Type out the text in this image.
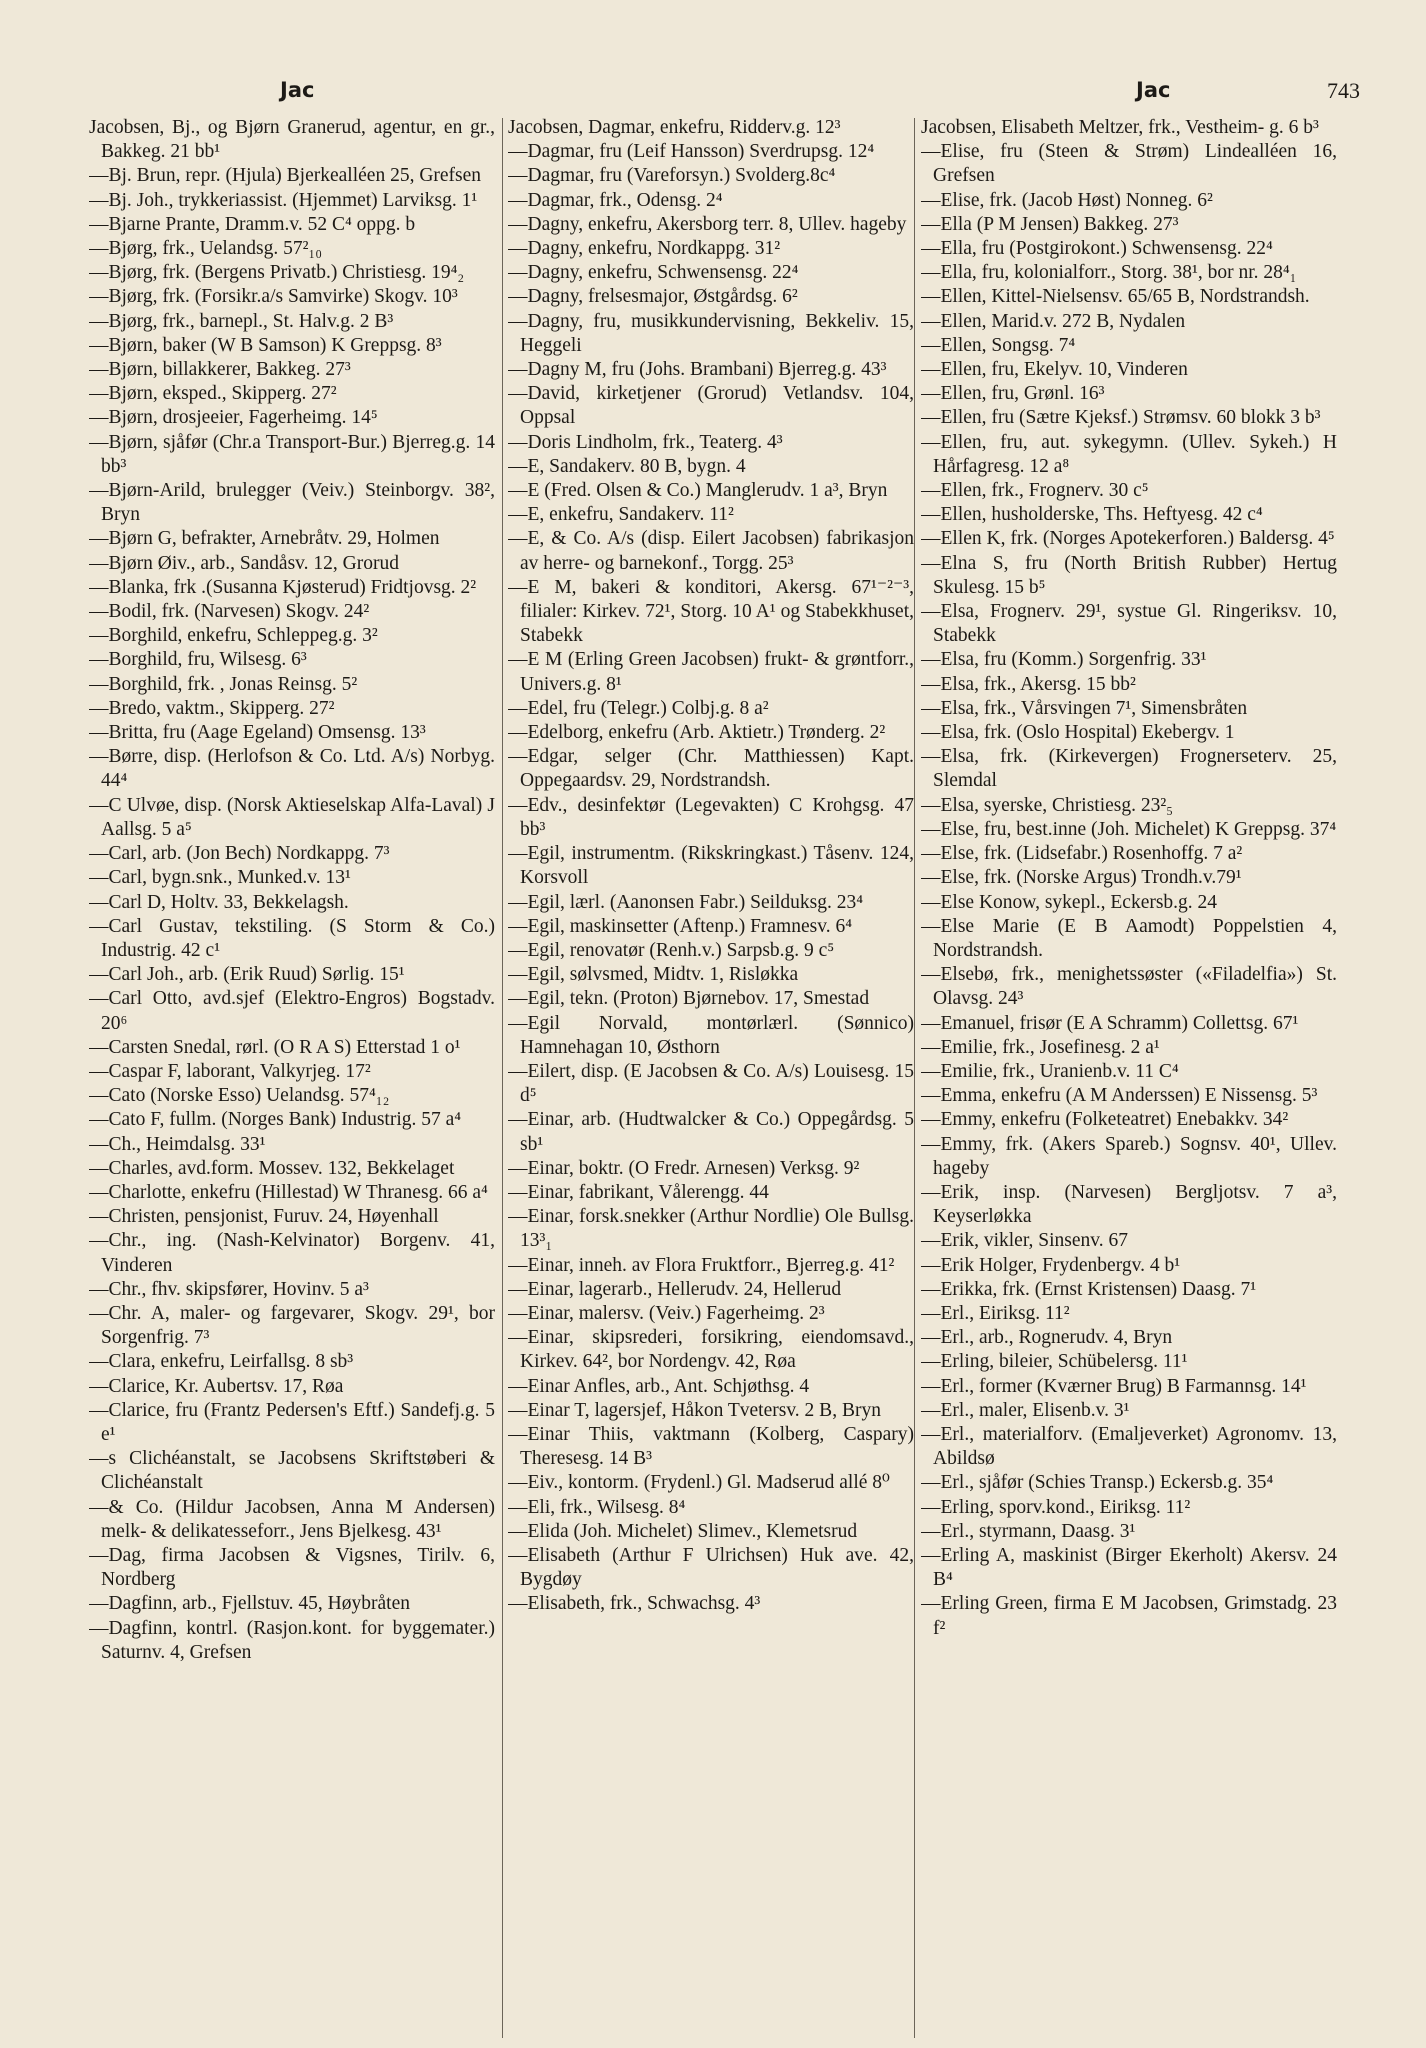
Jac	Jac	743
Jacobsen, Bj., og Bjørn Granerud, agentur, en gr., Bakkeg. 21 bb¹
—Bj. Brun, repr. (Hjula) Bjerkealléen 25, Grefsen
—Bj. Joh., trykkeriassist. (Hjemmet) Larviksg. 1¹
—Bjarne Prante, Dramm.v. 52 C⁴ oppg. b
—Bjørg, frk., Uelandsg. 57²₁₀
—Bjørg, frk. (Bergens Privatb.) Christiesg. 19⁴₂
—Bjørg, frk. (Forsikr.a/s Samvirke) Skogv. 10³
—Bjørg, frk., barnepl., St. Halv.g. 2 B³
—Bjørn, baker (W B Samson) K Greppsg. 8³
—Bjørn, billakkerer, Bakkeg. 27³
—Bjørn, eksped., Skipperg. 27²
—Bjørn, drosjeeier, Fagerheimg. 14⁵
—Bjørn, sjåfør (Chr.a Transport-Bur.) Bjerreg.g. 14 bb³
—Bjørn-Arild, brulegger (Veiv.) Steinborgv. 38², Bryn
—Bjørn G, befrakter, Arnebråtv. 29, Holmen
—Bjørn Øiv., arb., Sandåsv. 12, Grorud
—Blanka, frk .(Susanna Kjøsterud) Fridtjovsg. 2²
—Bodil, frk. (Narvesen) Skogv. 24²
—Borghild, enkefru, Schleppeg.g. 3²
—Borghild, fru, Wilsesg. 6³
—Borghild, frk. , Jonas Reinsg. 5²
—Bredo, vaktm., Skipperg. 27²
—Britta, fru (Aage Egeland) Omsensg. 13³
—Børre, disp. (Herlofson & Co. Ltd. A/s) Norbyg. 44⁴
—C Ulvøe, disp. (Norsk Aktieselskap Alfa-Laval) J Aallsg. 5 a⁵
—Carl, arb. (Jon Bech) Nordkappg. 7³
—Carl, bygn.snk., Munked.v. 13¹
—Carl D, Holtv. 33, Bekkelagsh.
—Carl Gustav, tekstiling. (S Storm & Co.) Industrig. 42 c¹
—Carl Joh., arb. (Erik Ruud) Sørlig. 15¹
—Carl Otto, avd.sjef (Elektro-Engros) Bogstadv. 20⁶
—Carsten Snedal, rørl. (O R A S) Etterstad 1 o¹
—Caspar F, laborant, Valkyrjeg. 17²
—Cato (Norske Esso) Uelandsg. 57⁴₁₂
—Cato F, fullm. (Norges Bank) Industrig. 57 a⁴
—Ch., Heimdalsg. 33¹
—Charles, avd.form. Mossev. 132, Bekkelaget
—Charlotte, enkefru (Hillestad) W Thranesg. 66 a⁴
—Christen, pensjonist, Furuv. 24, Høyenhall
—Chr., ing. (Nash-Kelvinator) Borgenv. 41, Vinderen
—Chr., fhv. skipsfører, Hovinv. 5 a³
—Chr. A, maler- og fargevarer, Skogv. 29¹, bor Sorgenfrig. 7³
—Clara, enkefru, Leirfallsg. 8 sb³
—Clarice, Kr. Aubertsv. 17, Røa
—Clarice, fru (Frantz Pedersen's Eftf.) Sandefj.g. 5 e¹
—s Clichéanstalt, se Jacobsens Skriftstøberi & Clichéanstalt
—& Co. (Hildur Jacobsen, Anna M Andersen) melk- & delikatesseforr., Jens Bjelkesg. 43¹
—Dag, firma Jacobsen & Vigsnes, Tirilv. 6, Nordberg
—Dagfinn, arb., Fjellstuv. 45, Høybråten
—Dagfinn, kontrl. (Rasjon.kont. for byggemater.) Saturnv. 4, Grefsen
Jacobsen, Dagmar, enkefru, Ridderv.g. 12³
—Dagmar, fru (Leif Hansson) Sverdrupsg. 12⁴
—Dagmar, fru (Vareforsyn.) Svolderg.8c⁴
—Dagmar, frk., Odensg. 2⁴
—Dagny, enkefru, Akersborg terr. 8, Ullev. hageby
—Dagny, enkefru, Nordkappg. 31²
—Dagny, enkefru, Schwensensg. 22⁴
—Dagny, frelsesmajor, Østgårdsg. 6²
—Dagny, fru, musikkundervisning, Bekkeliv. 15, Heggeli
—Dagny M, fru (Johs. Brambani) Bjerreg.g. 43³
—David, kirketjener (Grorud) Vetlandsv. 104, Oppsal
—Doris Lindholm, frk., Teaterg. 4³
—E, Sandakerv. 80 B, bygn. 4
—E (Fred. Olsen & Co.) Manglerudv. 1 a³, Bryn
—E, enkefru, Sandakerv. 11²
—E, & Co. A/s (disp. Eilert Jacobsen) fabrikasjon av herre- og barnekonf., Torgg. 25³
—E M, bakeri & konditori, Akersg. 67¹⁻²⁻³, filialer: Kirkev. 72¹, Storg. 10 A¹ og Stabekkhuset, Stabekk
—E M (Erling Green Jacobsen) frukt- & grøntforr., Univers.g. 8¹
—Edel, fru (Telegr.) Colbj.g. 8 a²
—Edelborg, enkefru (Arb. Aktietr.) Trønderg. 2²
—Edgar, selger (Chr. Matthiessen) Kapt. Oppegaardsv. 29, Nordstrandsh.
—Edv., desinfektør (Legevakten) C Krohgsg. 47 bb³
—Egil, instrumentm. (Rikskringkast.) Tåsenv. 124, Korsvoll
—Egil, lærl. (Aanonsen Fabr.) Seilduksg. 23⁴
—Egil, maskinsetter (Aftenp.) Framnesv. 6⁴
—Egil, renovatør (Renh.v.) Sarpsb.g. 9 c⁵
—Egil, sølvsmed, Midtv. 1, Risløkka
—Egil, tekn. (Proton) Bjørnebov. 17, Smestad
—Egil Norvald, montørlærl. (Sønnico) Hamnehagan 10, Østhorn
—Eilert, disp. (E Jacobsen & Co. A/s) Louisesg. 15 d⁵
—Einar, arb. (Hudtwalcker & Co.) Oppegårdsg. 5 sb¹
—Einar, boktr. (O Fredr. Arnesen) Verksg. 9²
—Einar, fabrikant, Vålerengg. 44
—Einar, forsk.snekker (Arthur Nordlie) Ole Bullsg. 13³₁
—Einar, inneh. av Flora Fruktforr., Bjerreg.g. 41²
—Einar, lagerarb., Hellerudv. 24, Hellerud
—Einar, malersv. (Veiv.) Fagerheimg. 2³
—Einar, skipsrederi, forsikring, eiendomsavd., Kirkev. 64², bor Nordengv. 42, Røa
—Einar Anfles, arb., Ant. Schjøthsg. 4
—Einar T, lagersjef, Håkon Tvetersv. 2 B, Bryn
—Einar Thiis, vaktmann (Kolberg, Caspary) Theresesg. 14 B³
—Eiv., kontorm. (Frydenl.) Gl. Madserud allé 8⁰
—Eli, frk., Wilsesg. 8⁴
—Elida (Joh. Michelet) Slimev., Klemetsrud
—Elisabeth (Arthur F Ulrichsen) Huk ave. 42, Bygdøy
—Elisabeth, frk., Schwachsg. 4³
Jacobsen, Elisabeth Meltzer, frk., Vestheim- g. 6 b³
—Elise, fru (Steen & Strøm) Lindealléen 16, Grefsen
—Elise, frk. (Jacob Høst) Nonneg. 6²
—Ella (P M Jensen) Bakkeg. 27³
—Ella, fru (Postgirokont.) Schwensensg. 22⁴
—Ella, fru, kolonialforr., Storg. 38¹, bor nr. 28⁴₁
—Ellen, Kittel-Nielsensv. 65/65 B, Nordstrandsh.
—Ellen, Marid.v. 272 B, Nydalen
—Ellen, Songsg. 7⁴
—Ellen, fru, Ekelyv. 10, Vinderen
—Ellen, fru, Grønl. 16³
—Ellen, fru (Sætre Kjeksf.) Strømsv. 60 blokk 3 b³
—Ellen, fru, aut. sykegymn. (Ullev. Sykeh.) H Hårfagresg. 12 a⁸
—Ellen, frk., Frognerv. 30 c⁵
—Ellen, husholderske, Ths. Heftyesg. 42 c⁴
—Ellen K, frk. (Norges Apotekerforen.) Baldersg. 4⁵
—Elna S, fru (North British Rubber) Hertug Skulesg. 15 b⁵
—Elsa, Frognerv. 29¹, systue Gl. Ringeriksv. 10, Stabekk
—Elsa, fru (Komm.) Sorgenfrig. 33¹
—Elsa, frk., Akersg. 15 bb²
—Elsa, frk., Vårsvingen 7¹, Simensbråten
—Elsa, frk. (Oslo Hospital) Ekebergv. 1
—Elsa, frk. (Kirkevergen) Frognerseterv. 25, Slemdal
—Elsa, syerske, Christiesg. 23²₅
—Else, fru, best.inne (Joh. Michelet) K Greppsg. 37⁴
—Else, frk. (Lidsefabr.) Rosenhoffg. 7 a²
—Else, frk. (Norske Argus) Trondh.v.79¹
—Else Konow, sykepl., Eckersb.g. 24
—Else Marie (E B Aamodt) Poppelstien 4, Nordstrandsh.
—Elsebø, frk., menighetssøster («Filadelfia») St. Olavsg. 24³
—Emanuel, frisør (E A Schramm) Collettsg. 67¹
—Emilie, frk., Josefinesg. 2 a¹
—Emilie, frk., Uranienb.v. 11 C⁴
—Emma, enkefru (A M Anderssen) E Nissensg. 5³
—Emmy, enkefru (Folketeatret) Enebakkv. 34²
—Emmy, frk. (Akers Spareb.) Sognsv. 40¹, Ullev. hageby
—Erik, insp. (Narvesen) Bergljotsv. 7 a³, Keyserløkka
—Erik, vikler, Sinsenv. 67
—Erik Holger, Frydenbergv. 4 b¹
—Erikka, frk. (Ernst Kristensen) Daasg. 7¹
—Erl., Eiriksg. 11²
—Erl., arb., Rognerudv. 4, Bryn
—Erling, bileier, Schübelersg. 11¹
—Erl., former (Kværner Brug) B Farmannsg. 14¹
—Erl., maler, Elisenb.v. 3¹
—Erl., materialforv. (Emaljeverket) Agronomv. 13, Abildsø
—Erl., sjåfør (Schies Transp.) Eckersb.g. 35⁴
—Erling, sporv.kond., Eiriksg. 11²
—Erl., styrmann, Daasg. 3¹
—Erling A, maskinist (Birger Ekerholt) Akersv. 24 B⁴
—Erling Green, firma E M Jacobsen, Grimstadg. 23 f²
